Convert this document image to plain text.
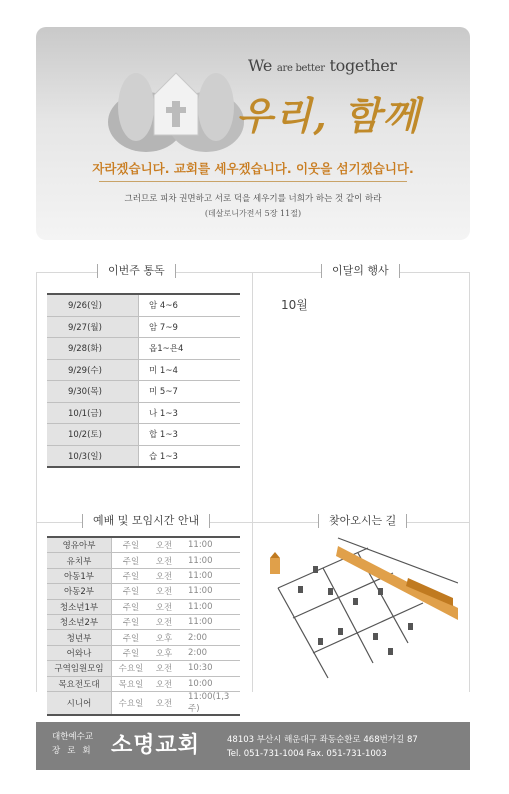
We are better together
우리, 함께
자라겠습니다. 교회를 세우겠습니다. 이웃을 섬기겠습니다.
그러므로 피차 권면하고 서로 덕을 세우기를 너희가 하는 것 같이 하라
(데살로니가전서 5장 11절)
이번주 통독	이달의 행사
예배 및 모임시간 안내	찾아오시는 길
9/26(일)	암 4~6
9/27(월)	암 7~9
9/28(화)	옵1~욘4
9/29(수)	미 1~4
9/30(목)	미 5~7
10/1(금)	나 1~3
10/2(토)	합 1~3
10/3(일)	습 1~3
10월
영유아부	주일	오전	11:00
유치부	주일	오전	11:00
아동1부	주일	오전	11:00
아동2부	주일	오전	11:00
청소년1부	주일	오전	11:00
청소년2부	주일	오전	11:00
청년부	주일	오후	2:00
어와나	주일	오후	2:00
구역임원모임	수요일	오전	10:30
목요전도대	목요일	오전	10:00
시니어	수요일	오전	11:00(1,3주)
대한예수교
장로회 소명교회	48103 부산시 해운대구 좌동순환로 468번가길 87
Tel. 051-731-1004 Fax. 051-731-1003
